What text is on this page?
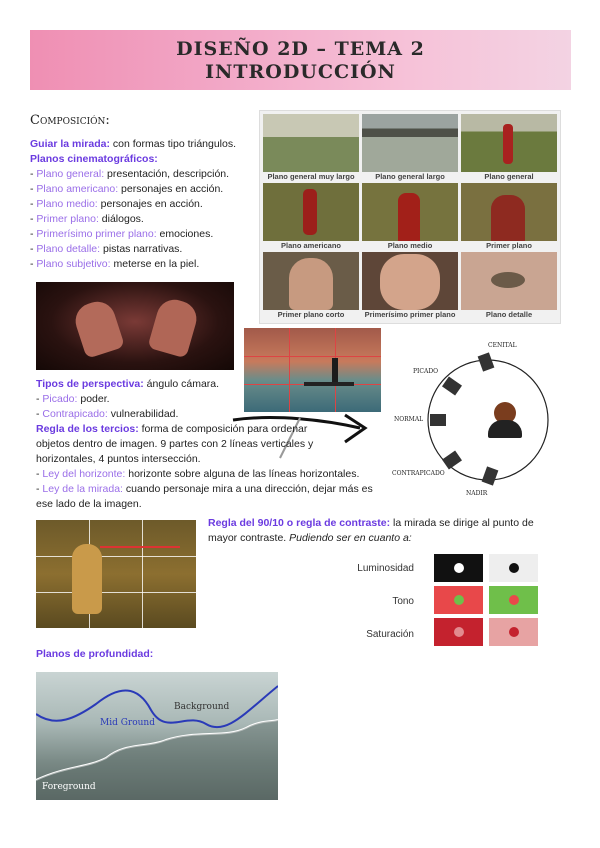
DISEÑO 2D – TEMA 2
INTRODUCCIÓN
Composición:
Guiar la mirada: con formas tipo triángulos.
Planos cinematográficos:
- Plano general: presentación, descripción.
- Plano americano: personajes en acción.
- Plano medio: personajes en acción.
- Primer plano: diálogos.
- Primerísimo primer plano: emociones.
- Plano detalle: pistas narrativas.
- Plano subjetivo: meterse en la piel.
Plano general muy largo	Plano general largo	Plano general
Plano americano	Plano medio	Primer plano
Primer plano corto	Primerísimo primer plano	Plano detalle
CENITAL
PICADO
NORMAL
CONTRAPICADO
NADIR
Tipos de perspectiva: ángulo cámara.
- Picado: poder.
- Contrapicado: vulnerabilidad.
Regla de los tercios: forma de composición para ordenar
objetos dentro de imagen. 9 partes con 2 líneas verticales y
horizontales, 4 puntos intersección.
- Ley del horizonte: horizonte sobre alguna de las líneas horizontales.
- Ley de la mirada: cuando personaje mira a una dirección, dejar más es
ese lado de la imagen.
Regla del 90/10 o regla de contraste: la mirada se dirige al punto de
mayor contraste. Pudiendo ser en cuanto a:
Luminosidad
Tono
Saturación
Planos de profundidad:
Background
Mid Ground
Foreground
